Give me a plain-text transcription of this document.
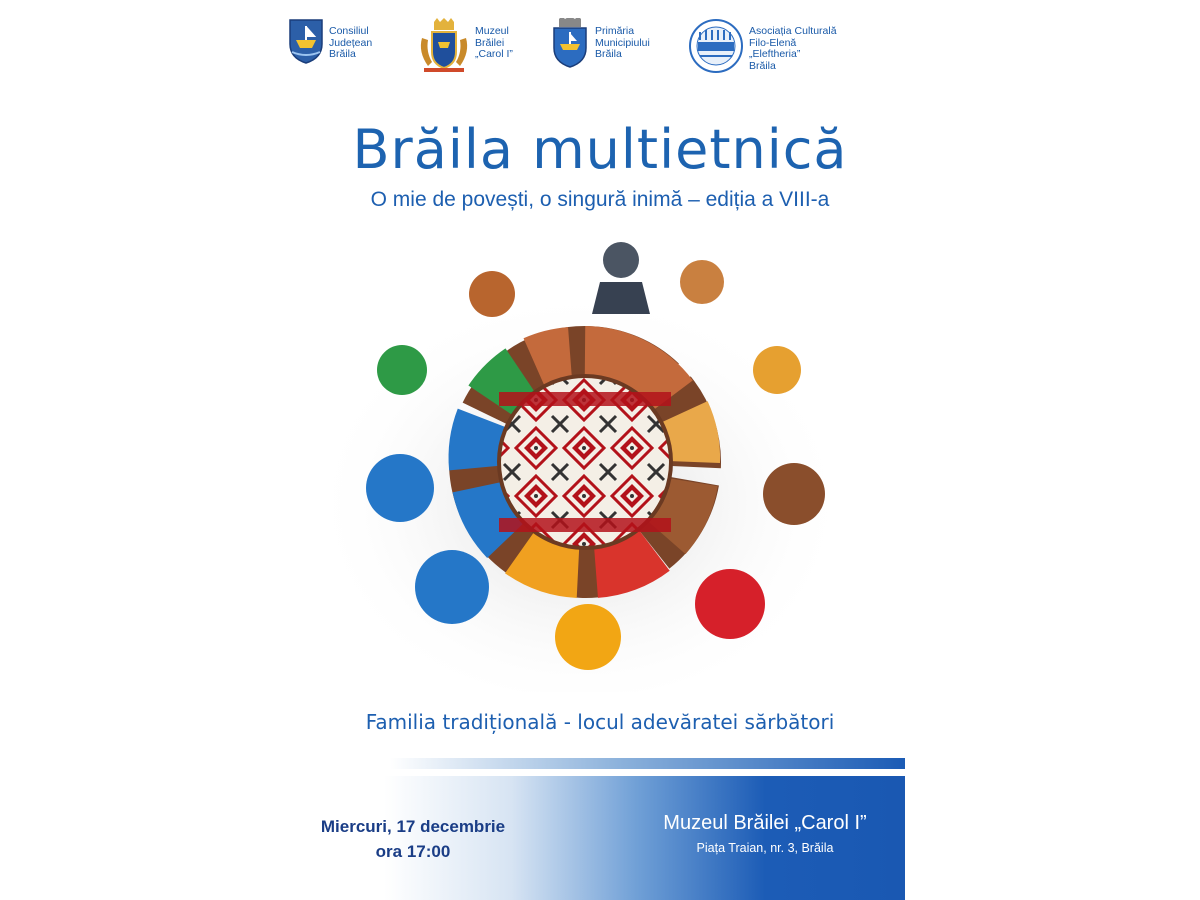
Consiliul
Județean
Brăila
Muzeul
Brăilei
„Carol I”
Primăria
Municipiului
Brăila
Asociația Culturală
Filo-Elenă
„Eleftheria”
Brăila
Brăila multietnică
O mie de povești, o singură inimă – ediția a VIII-a
Familia tradițională - locul adevăratei sărbători
Miercuri, 17 decembrie
ora 17:00
Muzeul Brăilei „Carol I”
Piața Traian, nr. 3, Brăila
